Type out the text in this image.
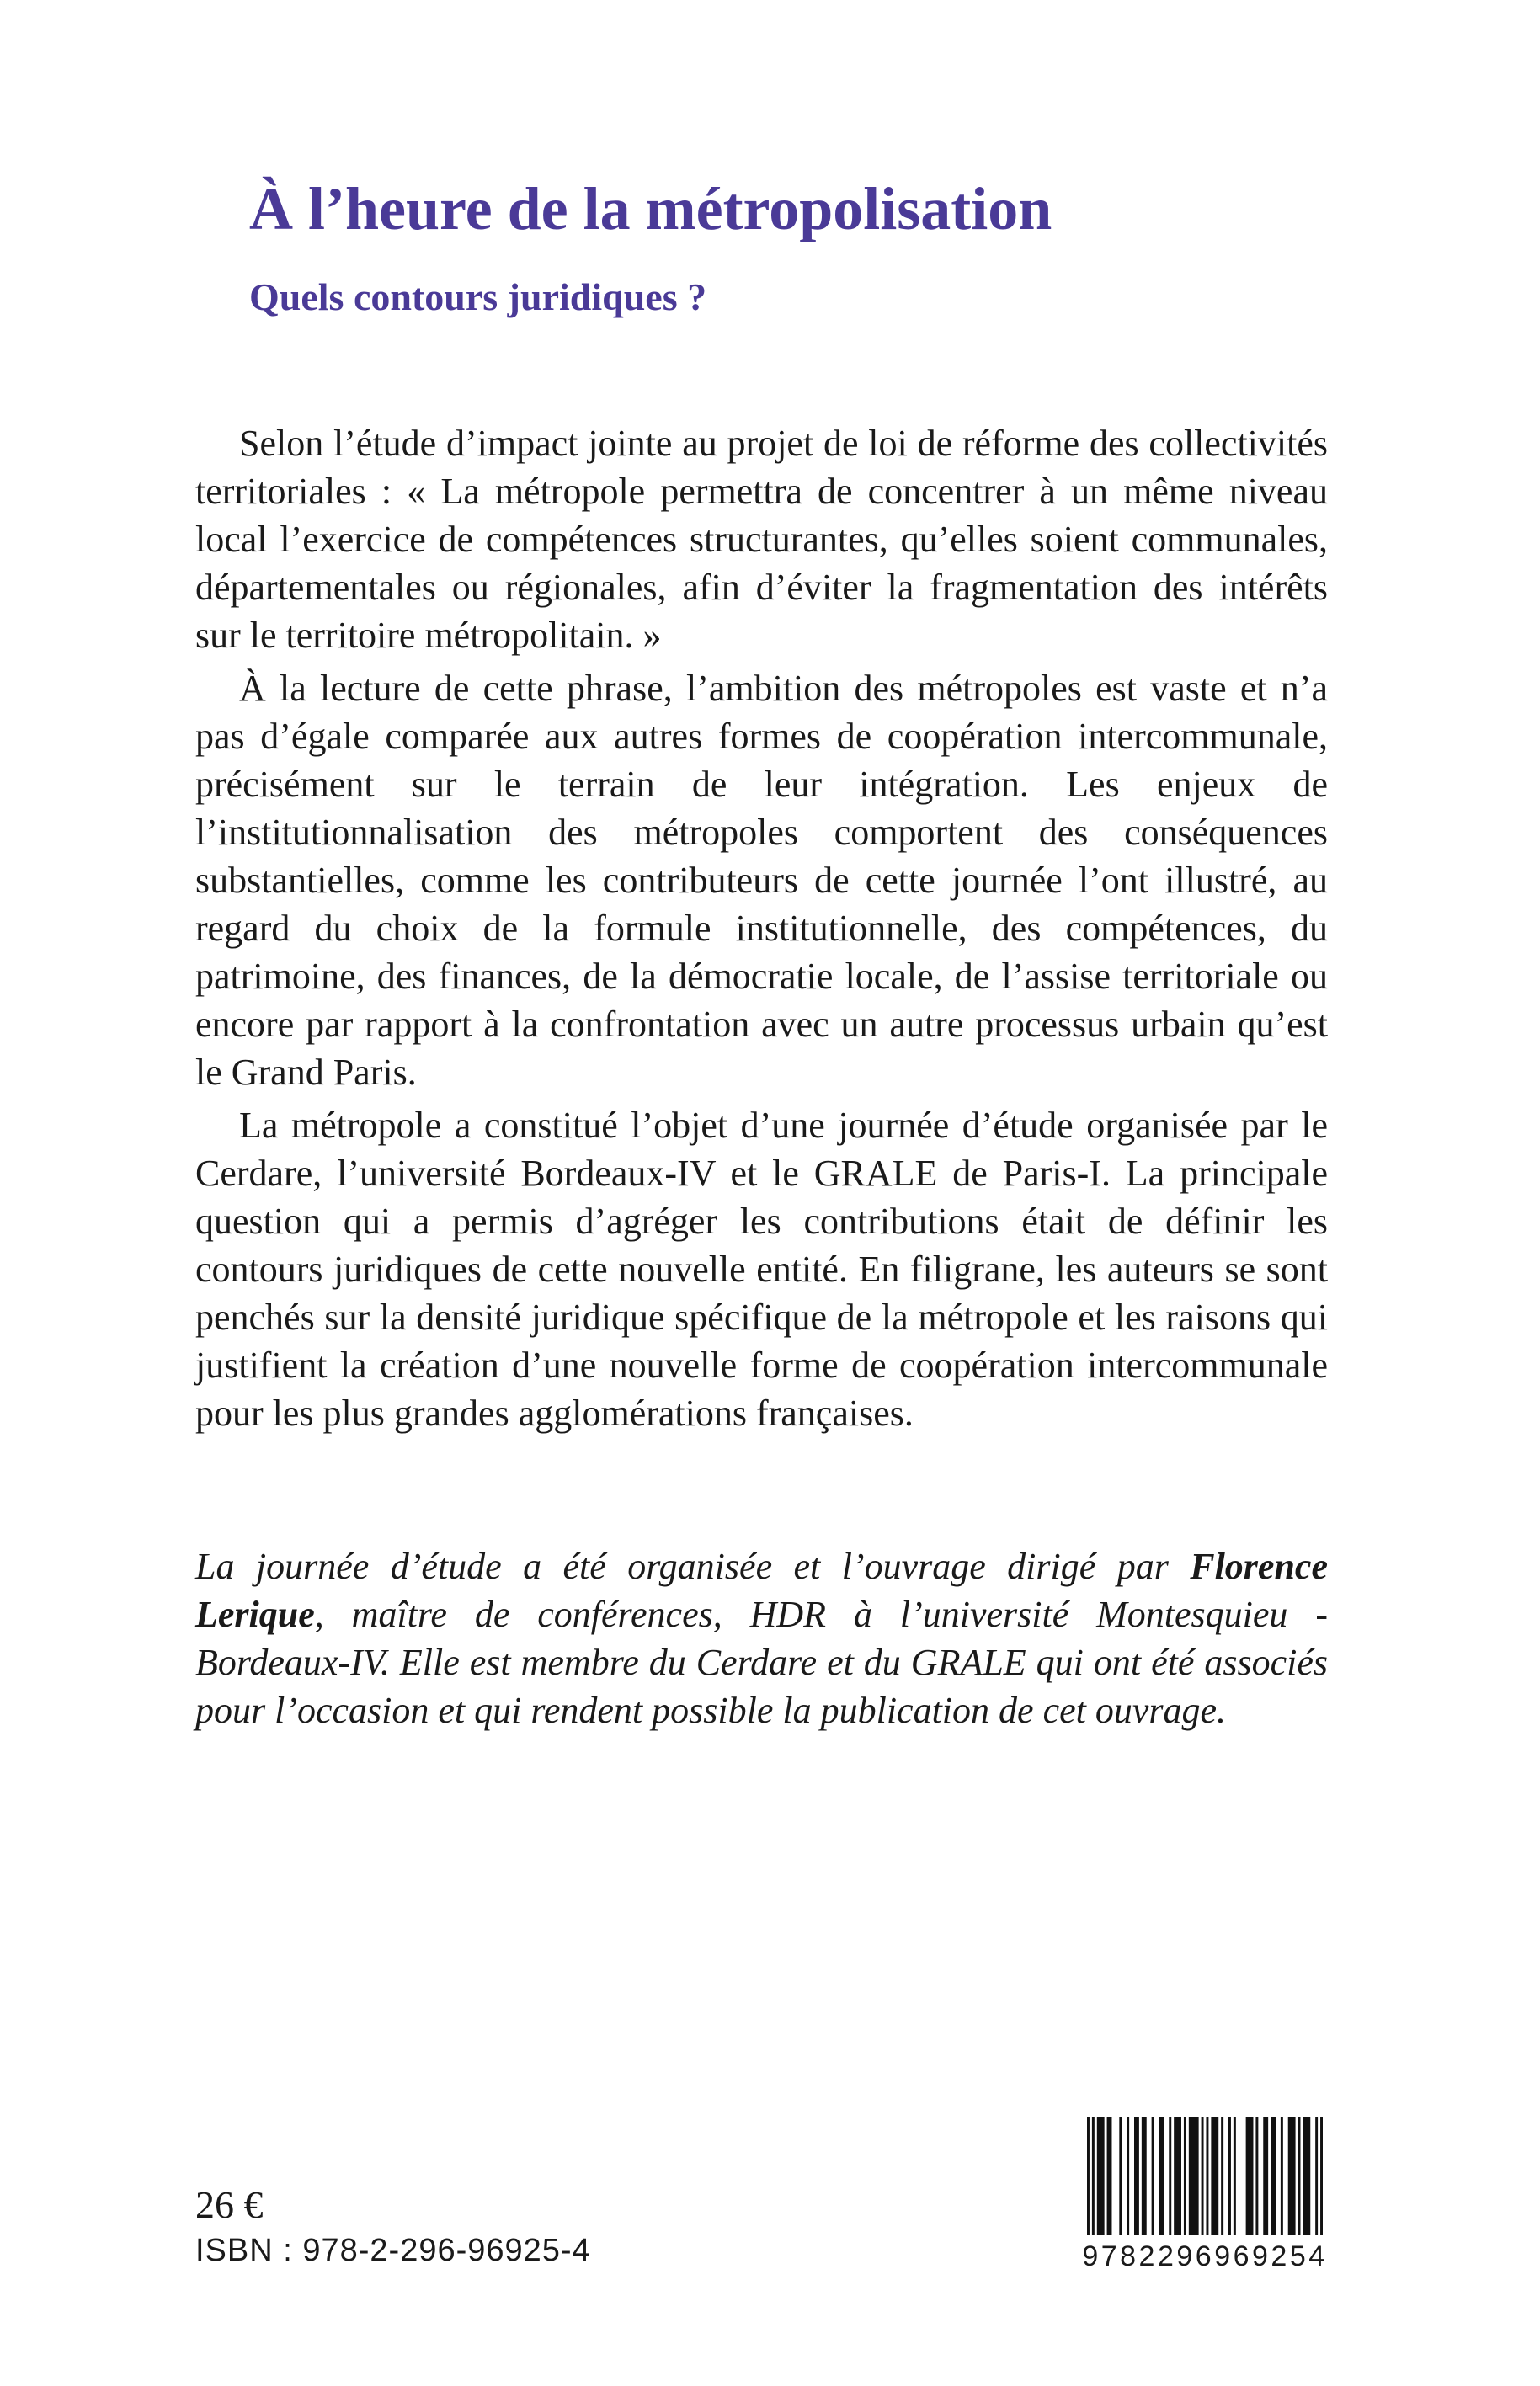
À l’heure de la métropolisation
Quels contours juridiques ?

Selon l’étude d’impact jointe au projet de loi de réforme des collectivités territoriales : « La métropole permettra de concentrer à un même niveau local l’exercice de compétences structurantes, qu’elles soient communales, départementales ou régionales, afin d’éviter la fragmentation des intérêts sur le territoire métropolitain. »

À la lecture de cette phrase, l’ambition des métropoles est vaste et n’a pas d’égale comparée aux autres formes de coopération intercommunale, précisément sur le terrain de leur intégration. Les enjeux de l’institutionnalisation des métropoles comportent des conséquences substantielles, comme les contributeurs de cette journée l’ont illustré, au regard du choix de la formule institutionnelle, des compétences, du patrimoine, des finances, de la démocratie locale, de l’assise territoriale ou encore par rapport à la confrontation avec un autre processus urbain qu’est le Grand Paris.

La métropole a constitué l’objet d’une journée d’étude organisée par le Cerdare, l’université Bordeaux-IV et le GRALE de Paris-I. La principale question qui a permis d’agréger les contributions était de définir les contours juridiques de cette nouvelle entité. En filigrane, les auteurs se sont penchés sur la densité juridique spécifique de la métropole et les raisons qui justifient la création d’une nouvelle forme de coopération intercommunale pour les plus grandes agglomérations françaises.

La journée d’étude a été organisée et l’ouvrage dirigé par Florence Lerique, maître de conférences, HDR à l’université Montesquieu - Bordeaux-IV. Elle est membre du Cerdare et du GRALE qui ont été associés pour l’occasion et qui rendent possible la publication de cet ouvrage.

26 €
ISBN : 978-2-296-96925-4	9782296969254
